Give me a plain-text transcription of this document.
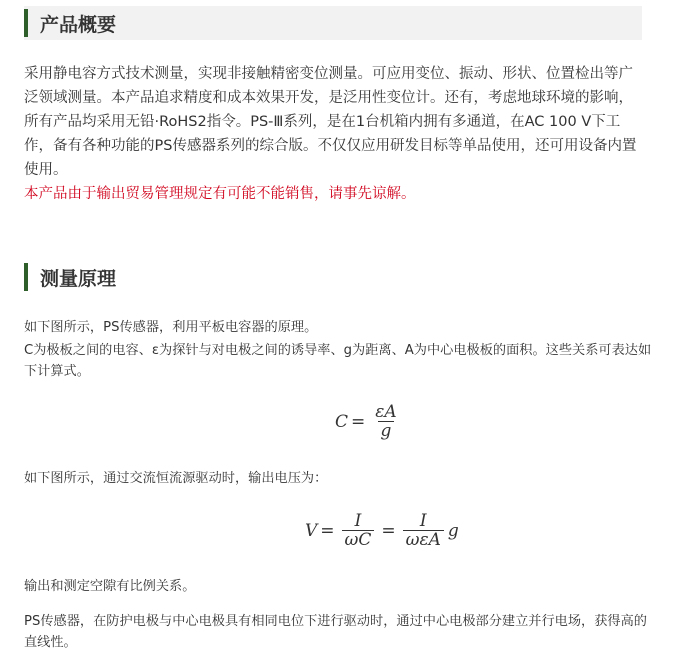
产品概要
采用静电容方式技术测量，实现非接触精密变位测量。可应用变位、振动、形状、位置检出等广泛领域测量。本产品追求精度和成本效果开发，是泛用性变位计。还有，考虑地球环境的影响，所有产品均采用无铅·RoHS2指令。PS-Ⅲ系列，是在1台机箱内拥有多通道，在AC 100 V下工作，备有各种功能的PS传感器系列的综合版。不仅仅应用研发目标等单品使用，还可用设备内置使用。
本产品由于输出贸易管理规定有可能不能销售，请事先谅解。
测量原理
如下图所示，PS传感器，利用平板电容器的原理。
C为极板之间的电容、ε为探针与对电极之间的诱导率、g为距离、A为中心电极板的面积。这些关系可表达如下计算式。
$C = \frac{\varepsilon A}{g}$
如下图所示，通过交流恒流源驱动时，输出电压为：
$V = \frac{I}{\omega C} = \frac{I}{\text{ωεA}}$ g
输出和测定空隙有比例关系。
PS传感器，在防护电极与中心电极具有相同电位下进行驱动时，通过中心电极部分建立并行电场，获得高的直线性。
